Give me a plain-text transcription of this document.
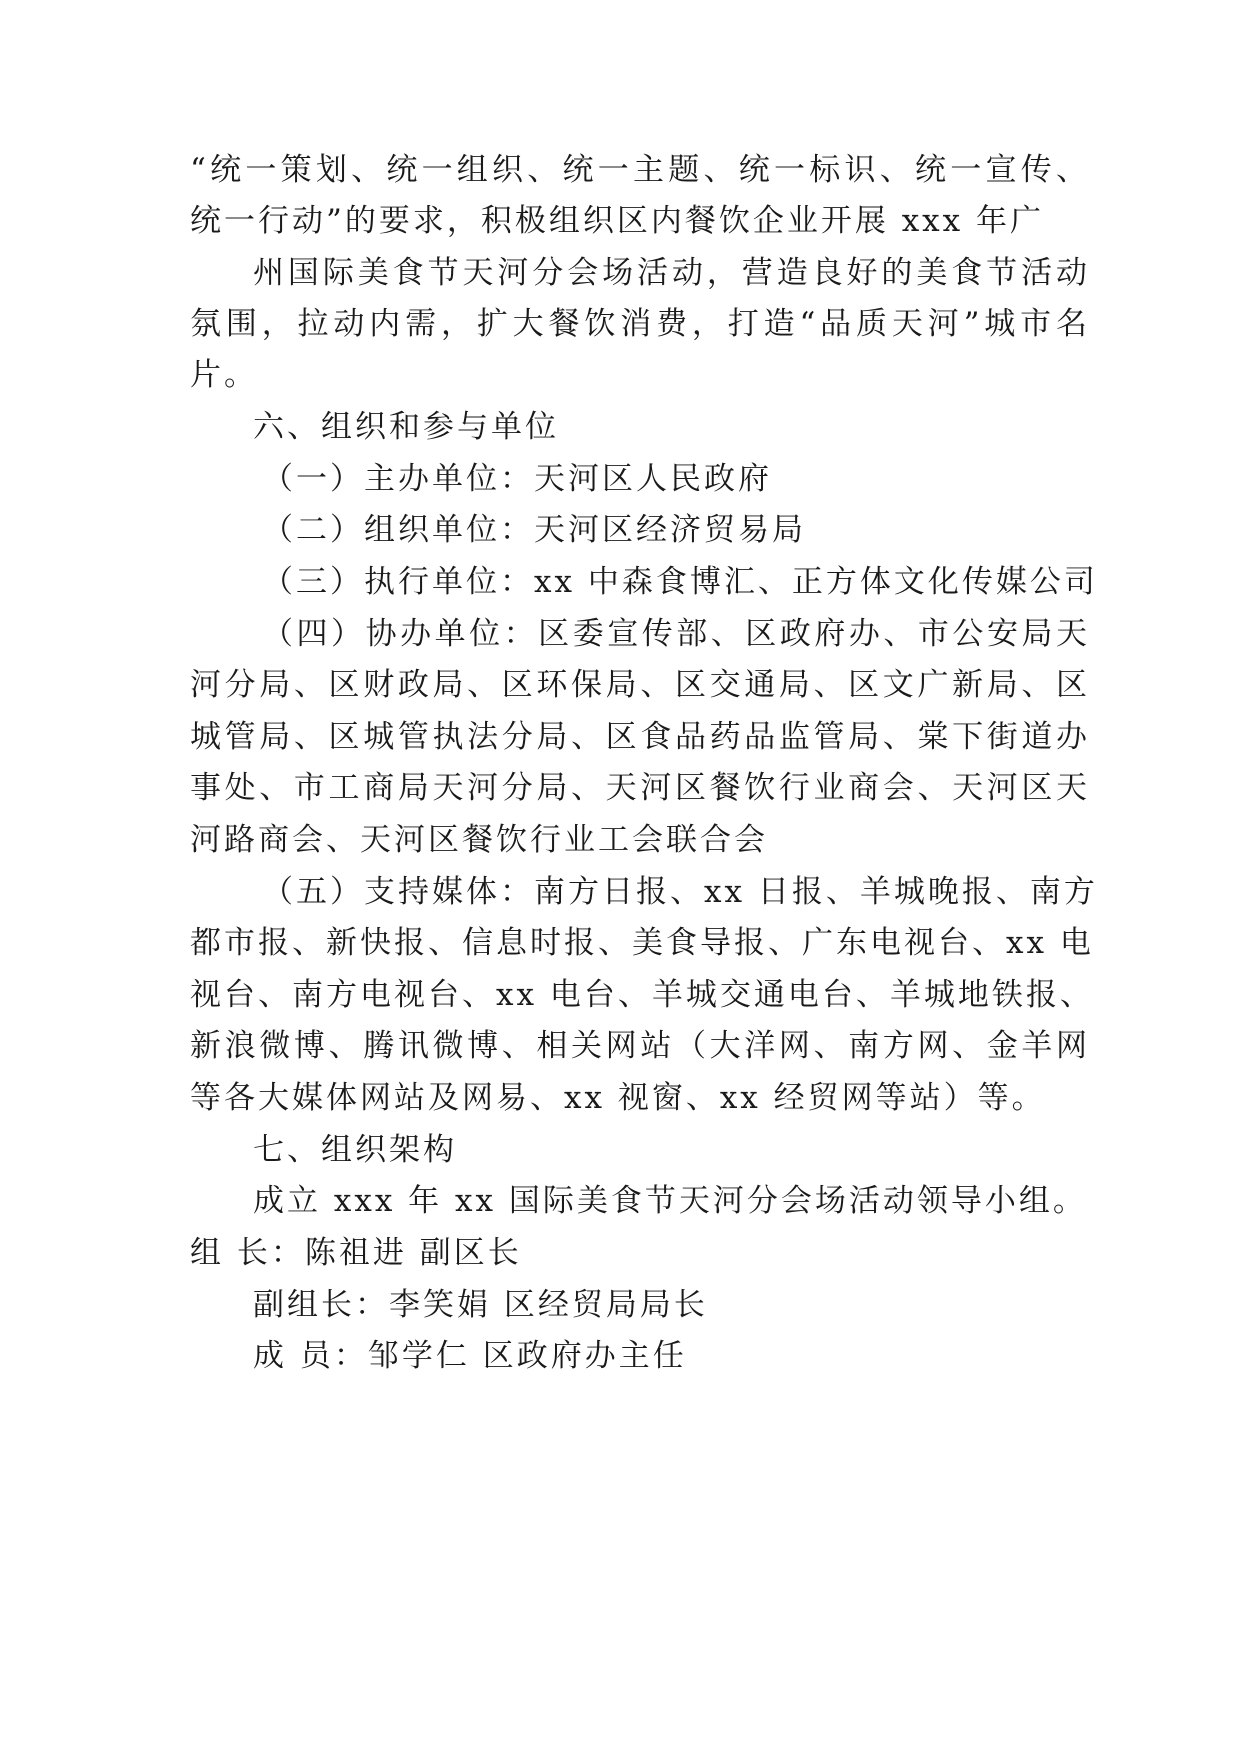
“统一策划、统一组织、统一主题、统一标识、统一宣传、
统一行动”的要求，积极组织区内餐饮企业开展 xxx 年广
州国际美食节天河分会场活动，营造良好的美食节活动
氛围，拉动内需，扩大餐饮消费，打造“品质天河”城市名
片。
六、组织和参与单位
（一）主办单位：天河区人民政府
（二）组织单位：天河区经济贸易局
（三）执行单位：xx 中森食博汇、正方体文化传媒公司
（四）协办单位：区委宣传部、区政府办、市公安局天
河分局、区财政局、区环保局、区交通局、区文广新局、区
城管局、区城管执法分局、区食品药品监管局、棠下街道办
事处、市工商局天河分局、天河区餐饮行业商会、天河区天
河路商会、天河区餐饮行业工会联合会
（五）支持媒体：南方日报、xx 日报、羊城晚报、南方
都市报、新快报、信息时报、美食导报、广东电视台、xx 电
视台、南方电视台、xx 电台、羊城交通电台、羊城地铁报、
新浪微博、腾讯微博、相关网站（大洋网、南方网、金羊网
等各大媒体网站及网易、xx 视窗、xx 经贸网等站）等。
七、组织架构
成立 xxx 年 xx 国际美食节天河分会场活动领导小组。
组 长：陈祖进 副区长
副组长：李笑娟 区经贸局局长
成 员：邹学仁 区政府办主任
